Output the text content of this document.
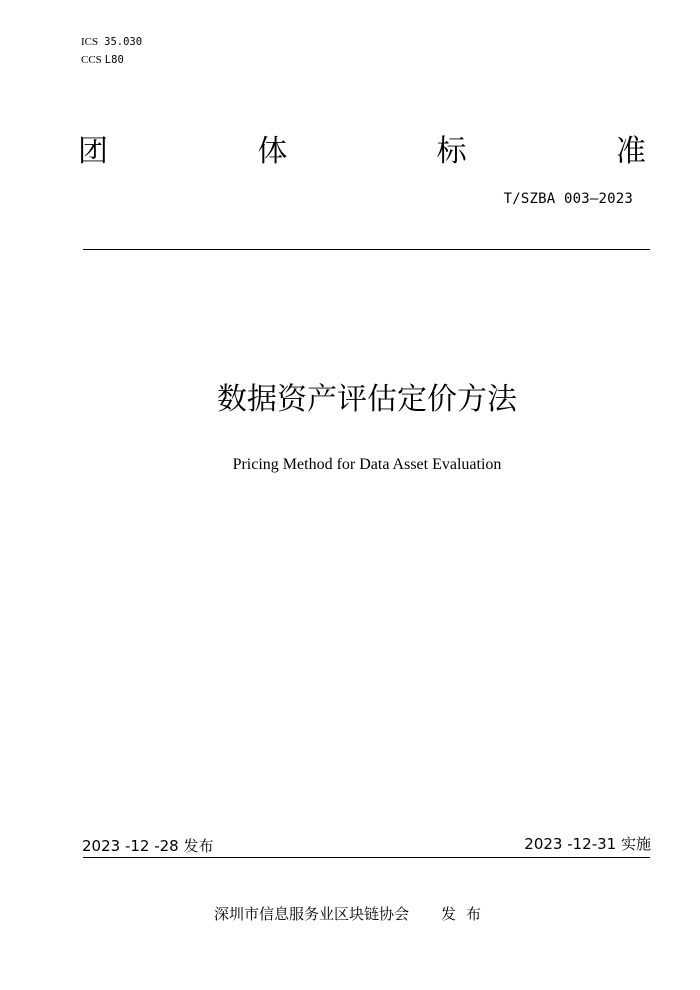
ICS 35.030
CCS L80
团	体	标	准
T/SZBA 003—2023
数据资产评估定价方法
Pricing Method for Data Asset Evaluation
2023 -12 -28 发布	2023 -12-31 实施
深圳市信息服务业区块链协会 发布
